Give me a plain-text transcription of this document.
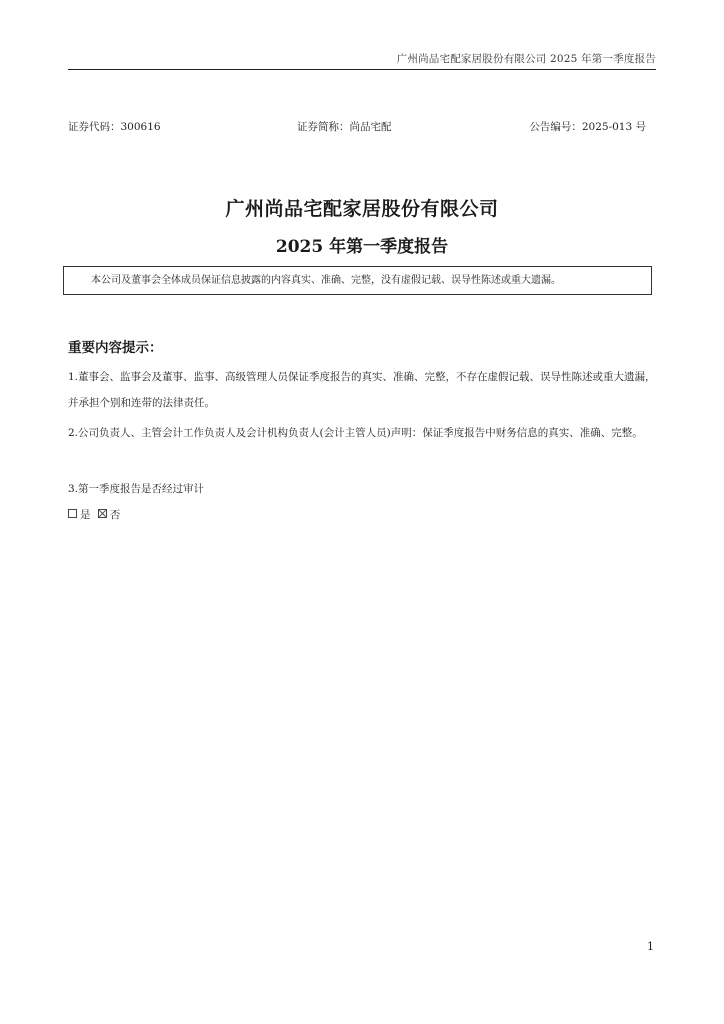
广州尚品宅配家居股份有限公司 2025 年第一季度报告
证券代码：300616	证券简称：尚品宅配	公告编号：2025-013 号
广州尚品宅配家居股份有限公司
2025 年第一季度报告
本公司及董事会全体成员保证信息披露的内容真实、准确、完整，没有虚假记载、误导性陈述或重大遗漏。
重要内容提示：
1.董事会、监事会及董事、监事、高级管理人员保证季度报告的真实、准确、完整，不存在虚假记载、误导性陈述或重大遗漏，并承担个别和连带的法律责任。
2.公司负责人、主管会计工作负责人及会计机构负责人(会计主管人员)声明：保证季度报告中财务信息的真实、准确、完整。
3.第一季度报告是否经过审计
是 否
1
